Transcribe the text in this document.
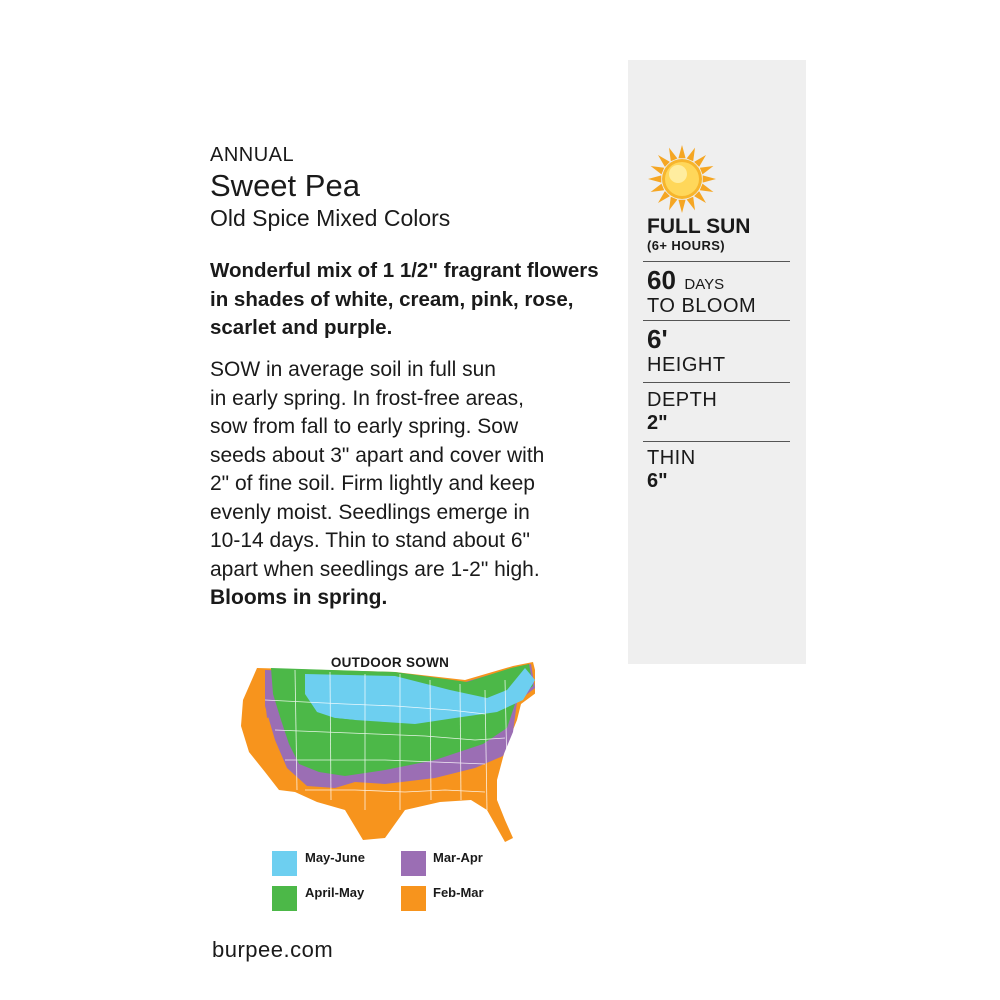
ANNUAL
Sweet Pea
Old Spice Mixed Colors
Wonderful mix of 1 1/2" fragrant flowers in shades of white, cream, pink, rose, scarlet and purple.
SOW in average soil in full sun
in early spring. In frost-free areas,
sow from fall to early spring. Sow
seeds about 3" apart and cover with
2" of fine soil. Firm lightly and keep
evenly moist. Seedlings emerge in
10-14 days. Thin to stand about 6"
apart when seedlings are 1-2" high.
Blooms in spring.
FULL SUN
(6+ HOURS)
60 DAYS
TO BLOOM
6'
HEIGHT
DEPTH
2"
THIN
6"
OUTDOOR SOWN
May-June	Mar-Apr
April-May	Feb-Mar
burpee.com
